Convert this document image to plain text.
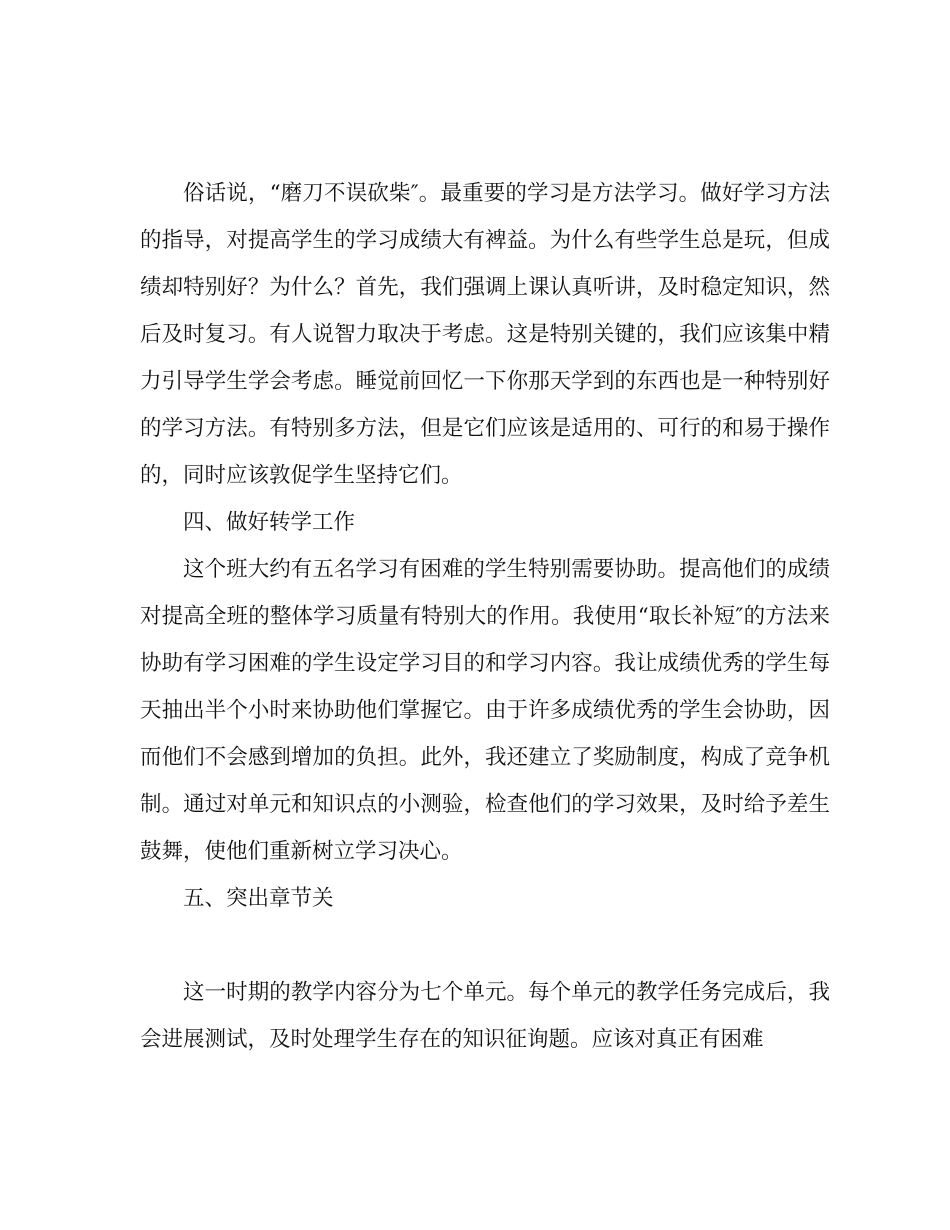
俗话说，“磨刀不误砍柴″。最重要的学习是方法学习。做好学习方法的指导，对提高学生的学习成绩大有裨益。为什么有些学生总是玩，但成绩却特别好？为什么？首先，我们强调上课认真听讲，及时稳定知识，然后及时复习。有人说智力取决于考虑。这是特别关键的，我们应该集中精力引导学生学会考虑。睡觉前回忆一下你那天学到的东西也是一种特别好的学习方法。有特别多方法，但是它们应该是适用的、可行的和易于操作的，同时应该敦促学生坚持它们。

四、做好转学工作

这个班大约有五名学习有困难的学生特别需要协助。提高他们的成绩对提高全班的整体学习质量有特别大的作用。我使用“取长补短″的方法来协助有学习困难的学生设定学习目的和学习内容。我让成绩优秀的学生每天抽出半个小时来协助他们掌握它。由于许多成绩优秀的学生会协助，因而他们不会感到增加的负担。此外，我还建立了奖励制度，构成了竞争机制。通过对单元和知识点的小测验，检查他们的学习效果，及时给予差生鼓舞，使他们重新树立学习决心。

五、突出章节关

这一时期的教学内容分为七个单元。每个单元的教学任务完成后，我会进展测试，及时处理学生存在的知识征询题。应该对真正有困难
